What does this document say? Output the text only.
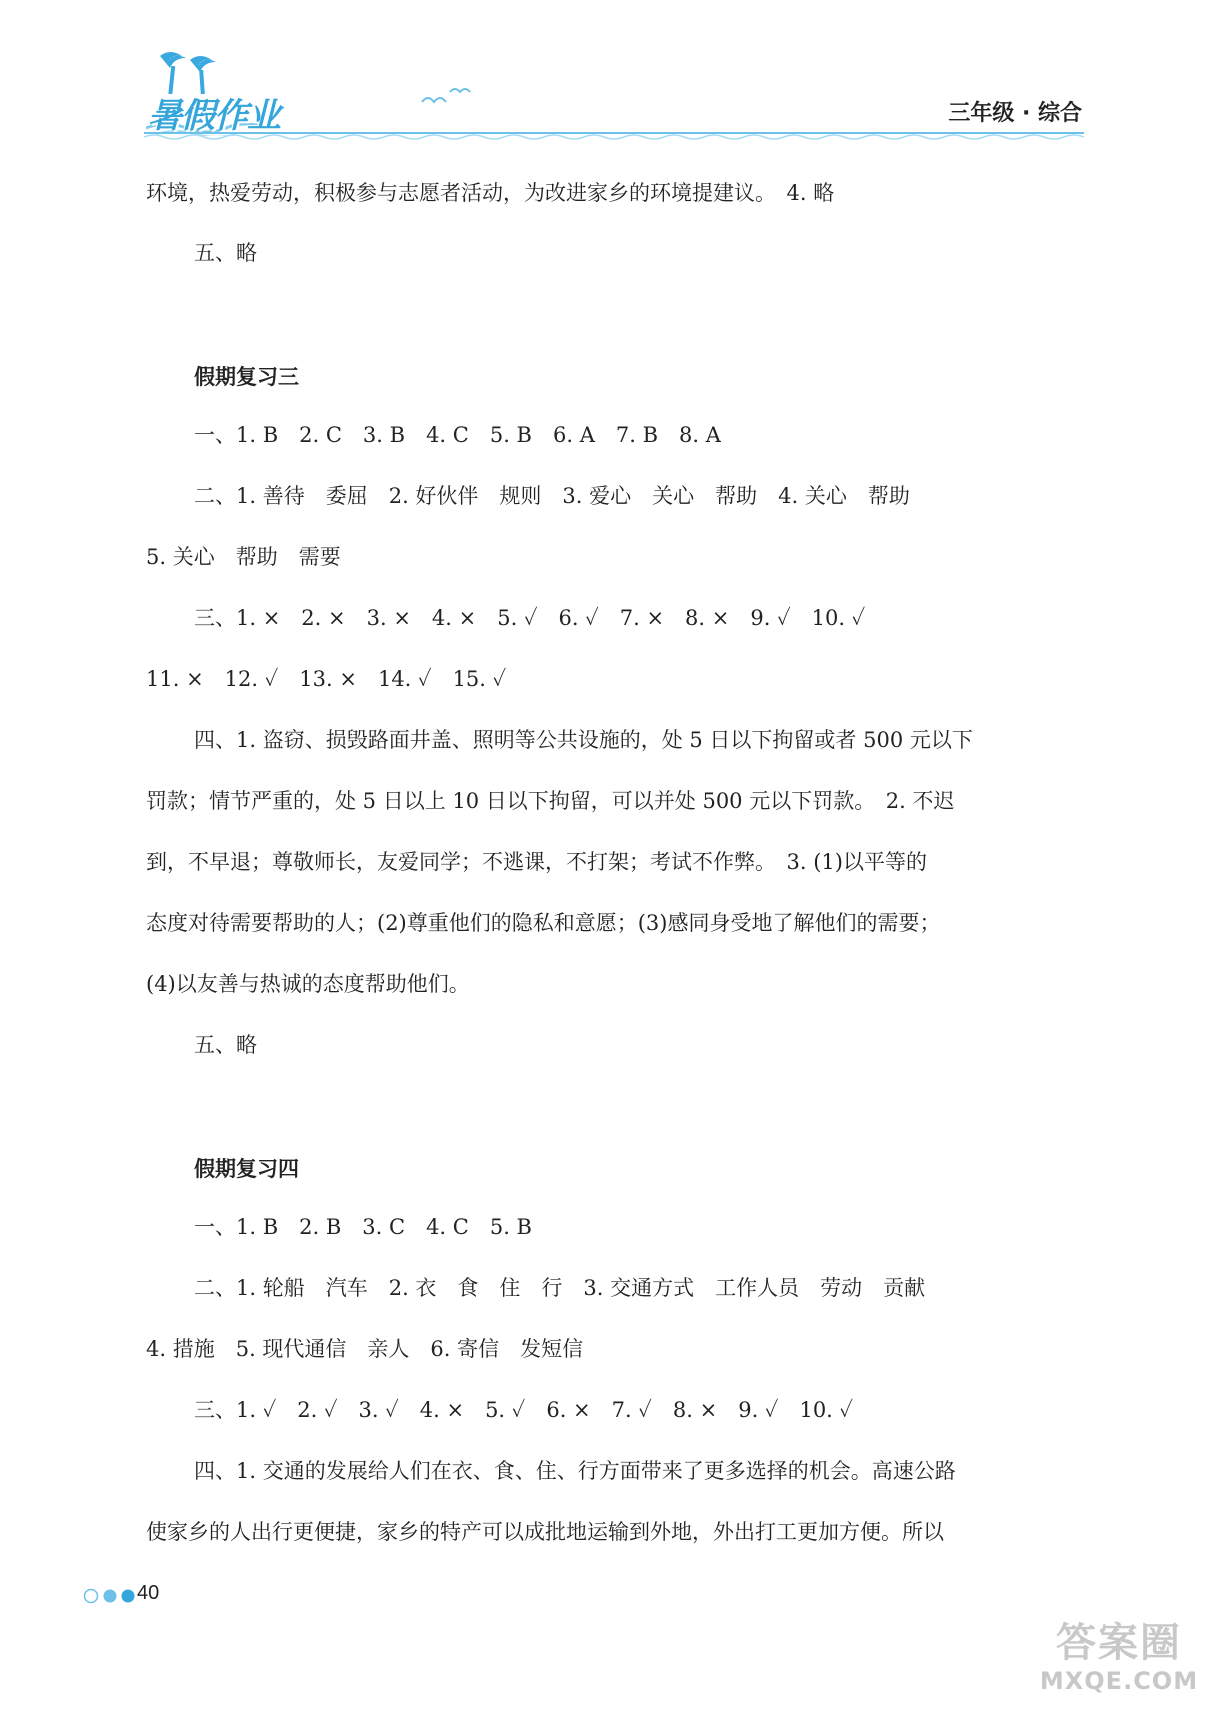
暑假作业	三年级 · 综合
环境，热爱劳动，积极参与志愿者活动，为改进家乡的环境提建议。　4. 略
五、略
假期复习三
一、1. B　2. C　3. B　4. C　5. B　6. A　7. B　8. A
二、1. 善待　委屈　2. 好伙伴　规则　3. 爱心　关心　帮助　4. 关心　帮助
5. 关心　帮助　需要
三、1. ×　2. ×　3. ×　4. ×　5. ✓　6. ✓　7. ×　8. ×　9. ✓　10. ✓
11. ×　12. ✓　13. ×　14. ✓　15. ✓
四、1. 盗窃、损毁路面井盖、照明等公共设施的，处 5 日以下拘留或者 500 元以下
罚款；情节严重的，处 5 日以上 10 日以下拘留，可以并处 500 元以下罚款。　2. 不迟
到，不早退；尊敬师长，友爱同学；不逃课，不打架；考试不作弊。　3. (1)以平等的
态度对待需要帮助的人；(2)尊重他们的隐私和意愿；(3)感同身受地了解他们的需要；
(4)以友善与热诚的态度帮助他们。
五、略
假期复习四
一、1. B　2. B　3. C　4. C　5. B
二、1. 轮船　汽车　2. 衣　食　住　行　3. 交通方式　工作人员　劳动　贡献
4. 措施　5. 现代通信　亲人　6. 寄信　发短信
三、1. ✓　2. ✓　3. ✓　4. ×　5. ✓　6. ×　7. ✓　8. ×　9. ✓　10. ✓
四、1. 交通的发展给人们在衣、食、住、行方面带来了更多选择的机会。高速公路
使家乡的人出行更便捷，家乡的特产可以成批地运输到外地，外出打工更加方便。所以
40
答案圈
MXQE.COM
